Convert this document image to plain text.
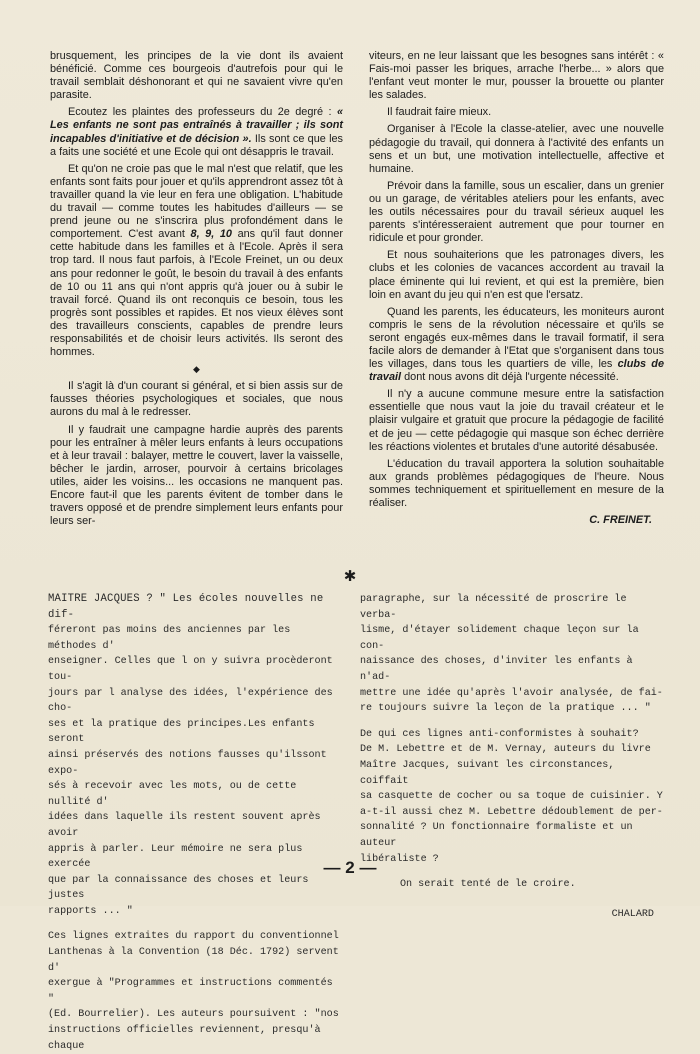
brusquement, les principes de la vie dont ils avaient bénéficié. Comme ces bourgeois d'autrefois pour qui le travail semblait déshonorant et qui ne savaient vivre qu'en parasite.

Ecoutez les plaintes des professeurs du 2e degré : « Les enfants ne sont pas entraînés à travailler ; ils sont incapables d'initiative et de décision ». Ils sont ce que les a faits une société et une Ecole qui ont désappris le travail.

Et qu'on ne croie pas que le mal n'est que relatif, que les enfants sont faits pour jouer et qu'ils apprendront assez tôt à travailler quand la vie leur en fera une obligation. L'habitude du travail — comme toutes les habitudes d'ailleurs — se prend jeune ou ne s'inscrira plus profondément dans le comportement. C'est avant 8, 9, 10 ans qu'il faut donner cette habitude dans les familles et à l'Ecole. Après il sera trop tard. Il nous faut parfois, à l'Ecole Freinet, un ou deux ans pour redonner le goût, le besoin du travail à des enfants de 10 ou 11 ans qui n'ont appris qu'à jouer ou à subir le travail forcé. Quand ils ont reconquis ce besoin, tous les progrès sont possibles et rapides. Et nos vieux élèves sont des travailleurs conscients, capables de prendre leurs responsabilités et de choisir leurs activités. Ils seront des hommes.

◆

Il s'agit là d'un courant si général, et si bien assis sur de fausses théories psychologiques et sociales, que nous aurons du mal à le redresser.

Il y faudrait une campagne hardie auprès des parents pour les entraîner à mêler leurs enfants à leurs occupations et à leur travail : balayer, mettre le couvert, laver la vaisselle, bêcher le jardin, arroser, pourvoir à certains bricolages utiles, aider les voisins... les occasions ne manquent pas. Encore faut-il que les parents évitent de tomber dans le travers opposé et de prendre simplement leurs enfants pour leurs ser-

viteurs, en ne leur laissant que les besognes sans intérêt : « Fais-moi passer les briques, arrache l'herbe... » alors que l'enfant veut monter le mur, pousser la brouette ou planter les salades.

Il faudrait faire mieux.

Organiser à l'Ecole la classe-atelier, avec une nouvelle pédagogie du travail, qui donnera à l'activité des enfants un sens et un but, une motivation intellectuelle, affective et humaine.

Prévoir dans la famille, sous un escalier, dans un grenier ou un garage, de véritables ateliers pour les enfants, avec les outils nécessaires pour du travail sérieux auquel les parents s'intéresseraient autrement que pour tourner en ridicule et pour gronder.

Et nous souhaiterions que les patronages divers, les clubs et les colonies de vacances accordent au travail la place éminente qui lui revient, et qui est la première, bien loin en avant du jeu qui n'en est que l'ersatz.

Quand les parents, les éducateurs, les moniteurs auront compris le sens de la révolution nécessaire et qu'ils se seront engagés eux-mêmes dans le travail formatif, il sera facile alors de demander à l'Etat que s'organisent dans tous les villages, dans tous les quartiers de ville, les clubs de travail dont nous avons dit déjà l'urgente nécessité.

Il n'y a aucune commune mesure entre la satisfaction essentielle que nous vaut la joie du travail créateur et le plaisir vulgaire et gratuit que procure la pédagogie de facilité et de jeu — cette pédagogie qui masque son échec derrière les réactions violentes et brutales d'une autorité désabusée.

L'éducation du travail apportera la solution souhaitable aux grands problèmes pédagogiques de l'heure. Nous sommes techniquement et spirituellement en mesure de la réaliser.

C. FREINET.

✱

MAITRE JACQUES ? " Les écoles nouvelles ne dif-

féreront pas moins des anciennes par les méthodes d'

enseigner. Celles que l on y suivra procèderont tou-

jours par l analyse des idées, l'expérience des cho-

ses et la pratique des principes.Les enfants seront

ainsi préservés des notions fausses qu'ilssont expo-

sés à recevoir avec les mots, ou de cette nullité d'

idées dans laquelle ils restent souvent après avoir

appris à parler. Leur mémoire ne sera plus exercée

que par la connaissance des choses et leurs justes

rapports ... "

Ces lignes extraites du rapport du conventionnel

Lanthenas à la Convention (18 Déc. 1792) servent d'

exergue à "Programmes et instructions commentés "

(Ed. Bourrelier). Les auteurs poursuivent : "nos

instructions officielles reviennent, presqu'à chaque

paragraphe, sur la nécessité de proscrire le verba-

lisme, d'étayer solidement chaque leçon sur la con-

naissance des choses, d'inviter les enfants à n'ad-

mettre une idée qu'après l'avoir analysée, de fai-

re toujours suivre la leçon de la pratique ... "

De qui ces lignes anti-conformistes à souhait?

De M. Lebettre et de M. Vernay, auteurs du livre

Maître Jacques, suivant les circonstances, coiffait

sa casquette de cocher ou sa toque de cuisinier. Y

a-t-il aussi chez M. Lebettre dédoublement de per-

sonnalité ? Un fonctionnaire formaliste et un auteur

libéraliste ?

On serait tenté de le croire.

CHALARD

— 2 —
